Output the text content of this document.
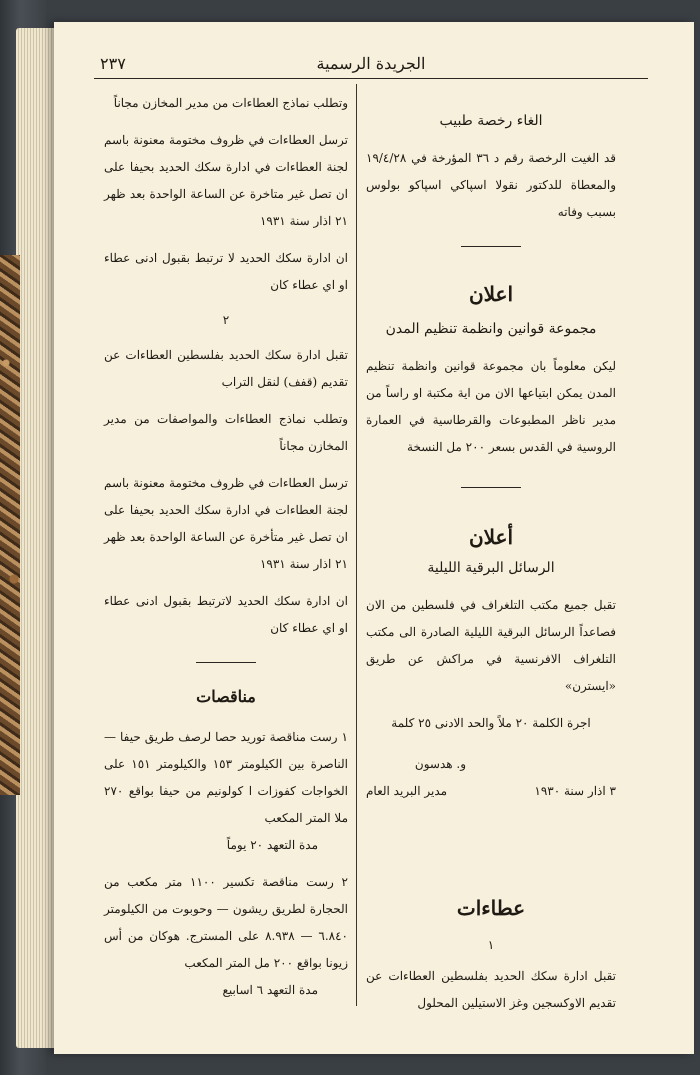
الجريدة الرسمية
٢٣٧

الغاء رخصة طبيب

قد الغيت الرخصة رقم د ٣٦ المؤرخة في ١٩/٤/٢٨ والمعطاة للدكتور نقولا اسپاكي اسپاكو بولوس بسبب وفاته

اعلان

مجموعة قوانين وانظمة تنظيم المدن

ليكن معلوماً بان مجموعة قوانين وانظمة تنظيم المدن يمكن ابتياعها الان من اية مكتبة او راساً من مدير ناظر المطبوعات والقرطاسية في العمارة الروسية في القدس بسعر ٢٠٠ مل النسخة

أعلان

الرسائل البرقية الليلية

تقبل جميع مكتب التلغراف في فلسطين من الان فصاعداً الرسائل البرقية الليلية الصادرة الى مكتب التلغراف الافرنسية في مراكش عن طريق «ايسترن»

اجرة الكلمة ٢٠ ملاً والحد الادنى ٢٥ كلمة

و. هدسون

٣ اذار سنة ١٩٣٠
مدير البريد العام

عطاءات

١

تقبل ادارة سكك الحديد بفلسطين العطاءات عن تقديم الاوكسجين وغز الاستيلين المحلول

وتطلب نماذج العطاءات من مدير المخازن مجاناً

ترسل العطاءات في ظروف مختومة معنونة باسم لجنة العطاءات في ادارة سكك الحديد بحيفا على ان تصل غير متاخرة عن الساعة الواحدة بعد ظهر ٢١ اذار سنة ١٩٣١

ان ادارة سكك الحديد لا ترتبط بقبول ادنى عطاء او اي عطاء كان

٢

تقبل ادارة سكك الحديد بفلسطين العطاءات عن تقديم (قفف) لنقل التراب

وتطلب نماذج العطاءات والمواصفات من مدير المخازن مجاناً

ترسل العطاءات في ظروف مختومة معنونة باسم لجنة العطاءات في ادارة سكك الحديد بحيفا على ان تصل غير متأخرة عن الساعة الواحدة بعد ظهر ٢١ اذار سنة ١٩٣١

ان ادارة سكك الحديد لاترتبط بقبول ادنى عطاء او اي عطاء كان

مناقصات

١ رست مناقصة توريد حصا لرصف طريق حيفا — الناصرة بين الكيلومتر ١٥٣ والكيلومتر ١٥١ على الخواجات كفوزات ا كولونيم من حيفا بواقع ٢٧٠ ملا المتر المكعب

مدة التعهد ٢٠ يوماً

٢ رست مناقصة تكسير ١١٠٠ متر مكعب من الحجارة لطريق ريشون — وحوبوت من الكيلومتر ٦.٨٤٠ — ٨.٩٣٨ على المسترج. هوكان من أس زيونا بواقع ٢٠٠ مل المتر المكعب

مدة التعهد ٦ اسابيع
